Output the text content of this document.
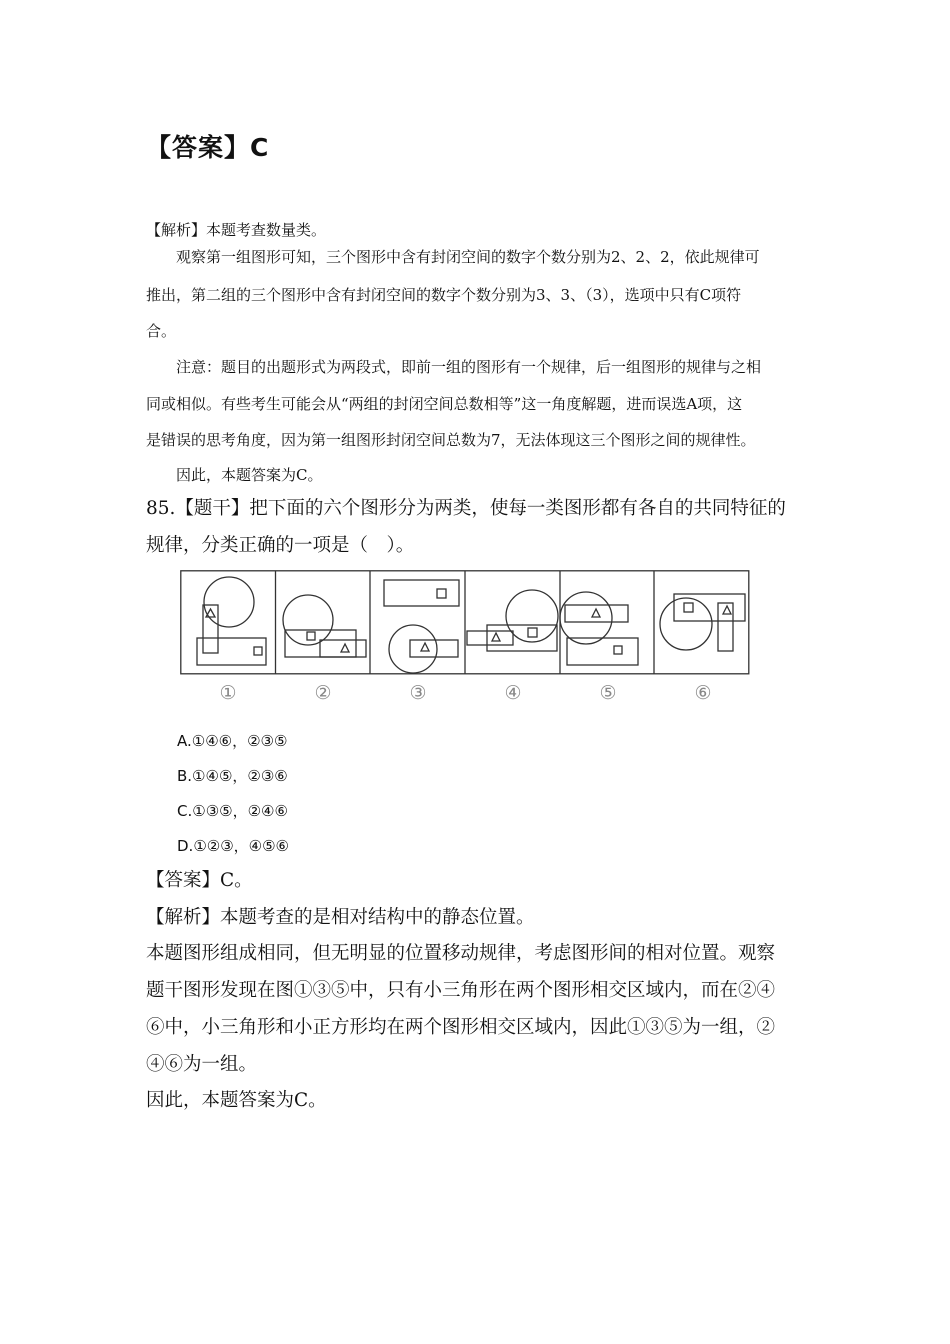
【答案】C
【解析】本题考查数量类。
观察第一组图形可知，三个图形中含有封闭空间的数字个数分别为2、2、2，依此规律可
推出，第二组的三个图形中含有封闭空间的数字个数分别为3、3、（3），选项中只有C项符
合。
注意：题目的出题形式为两段式，即前一组的图形有一个规律，后一组图形的规律与之相
同或相似。有些考生可能会从“两组的封闭空间总数相等”这一角度解题，进而误选A项，这
是错误的思考角度，因为第一组图形封闭空间总数为7，无法体现这三个图形之间的规律性。
因此，本题答案为C。
85.【题干】把下面的六个图形分为两类，使每一类图形都有各自的共同特征的
规律，分类正确的一项是（　）。
①	②	③	④	⑤	⑥
A.①④⑥，②③⑤
B.①④⑤，②③⑥
C.①③⑤，②④⑥
D.①②③，④⑤⑥
【答案】C。
【解析】本题考查的是相对结构中的静态位置。
本题图形组成相同，但无明显的位置移动规律，考虑图形间的相对位置。观察
题干图形发现在图①③⑤中，只有小三角形在两个图形相交区域内，而在②④
⑥中，小三角形和小正方形均在两个图形相交区域内，因此①③⑤为一组，②
④⑥为一组。
因此，本题答案为C。
